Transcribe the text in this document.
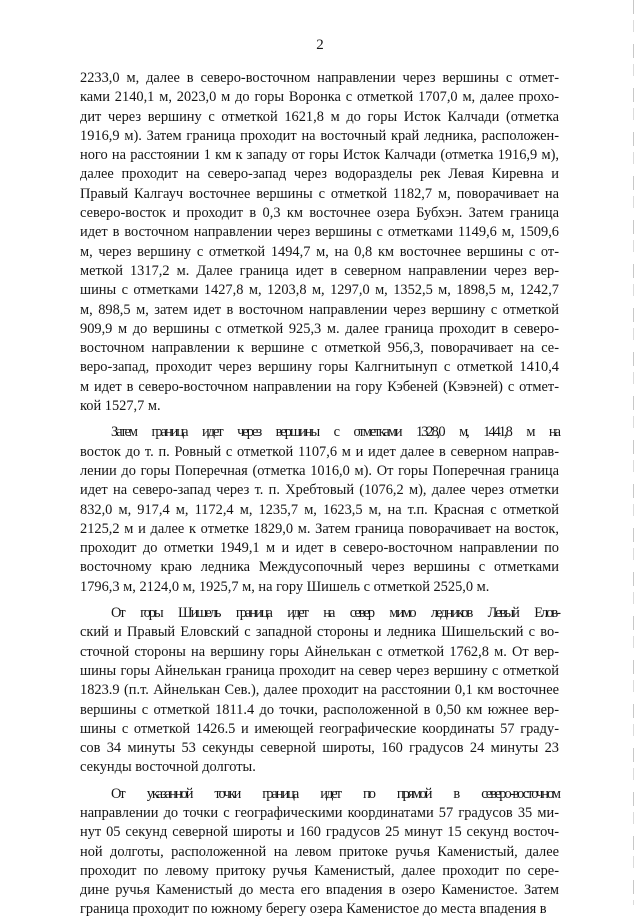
2

2233,0 м, далее в северо-восточном направлении через вершины с отмет-
ками 2140,1 м, 2023,0 м до горы Воронка с отметкой 1707,0 м, далее прохо-
дит через вершину с отметкой 1621,8 м до горы Исток Калчади (отметка
1916,9 м). Затем граница проходит на восточный край ледника, расположен-
ного на расстоянии 1 км к западу от горы Исток Калчади (отметка 1916,9 м),
далее проходит на северо-запад через водоразделы рек Левая Киревна и
Правый Калгауч восточнее вершины с отметкой 1182,7 м, поворачивает на
северо-восток и проходит в 0,3 км восточнее озера Бубхэн. Затем граница
идет в восточном направлении через вершины с отметками 1149,6 м, 1509,6
м, через вершину с отметкой 1494,7 м, на 0,8 км восточнее вершины с от-
меткой 1317,2 м. Далее граница идет в северном направлении через вер-
шины с отметками 1427,8 м, 1203,8 м, 1297,0 м, 1352,5 м, 1898,5 м, 1242,7
м, 898,5 м, затем идет в восточном направлении через вершину с отметкой
909,9 м до вершины с отметкой 925,3 м. далее граница проходит в северо-
восточном направлении к вершине с отметкой 956,3, поворачивает на се-
веро-запад, проходит через вершину горы Калгнитынуп с отметкой 1410,4
м идет в северо-восточном направлении на гору Кэбеней (Кэвэней) с отмет-
кой 1527,7 м.

Затем граница идет через вершины с отметками 1328,0 м, 1441,8 м на
восток до т. п. Ровный с отметкой 1107,6 м и идет далее в северном направ-
лении до горы Поперечная (отметка 1016,0 м). От горы Поперечная граница
идет на северо-запад через т. п. Хребтовый (1076,2 м), далее через отметки
832,0 м, 917,4 м, 1172,4 м, 1235,7 м, 1623,5 м, на т.п. Красная с отметкой
2125,2 м и далее к отметке 1829,0 м. Затем граница поворачивает на восток,
проходит до отметки 1949,1 м и идет в северо-восточном направлении по
восточному краю ледника Междусопочный через вершины с отметками
1796,3 м, 2124,0 м, 1925,7 м, на гору Шишель с отметкой 2525,0 м.

От горы Шишель граница идет на север мимо ледников Левый Елов-
ский и Правый Еловский с западной стороны и ледника Шишельский с во-
сточной стороны на вершину горы Айнелькан с отметкой 1762,8 м. От вер-
шины горы Айнелькан граница проходит на север через вершину с отметкой
1823.9 (п.т. Айнелькан Сев.), далее проходит на расстоянии 0,1 км восточнее
вершины с отметкой 1811.4 до точки, расположенной в 0,50 км южнее вер-
шины с отметкой 1426.5 и имеющей географические координаты 57 граду-
сов 34 минуты 53 секунды северной широты, 160 градусов 24 минуты 23
секунды восточной долготы.

От указанной точки граница идет по прямой в северо-восточном
направлении до точки с географическими координатами 57 градусов 35 ми-
нут 05 секунд северной широты и 160 градусов 25 минут 15 секунд восточ-
ной долготы, расположенной на левом притоке ручья Каменистый, далее
проходит по левому притоку ручья Каменистый, далее проходит по сере-
дине ручья Каменистый до места его впадения в озеро Каменистое. Затем
граница проходит по южному берегу озера Каменистое до места впадения в
